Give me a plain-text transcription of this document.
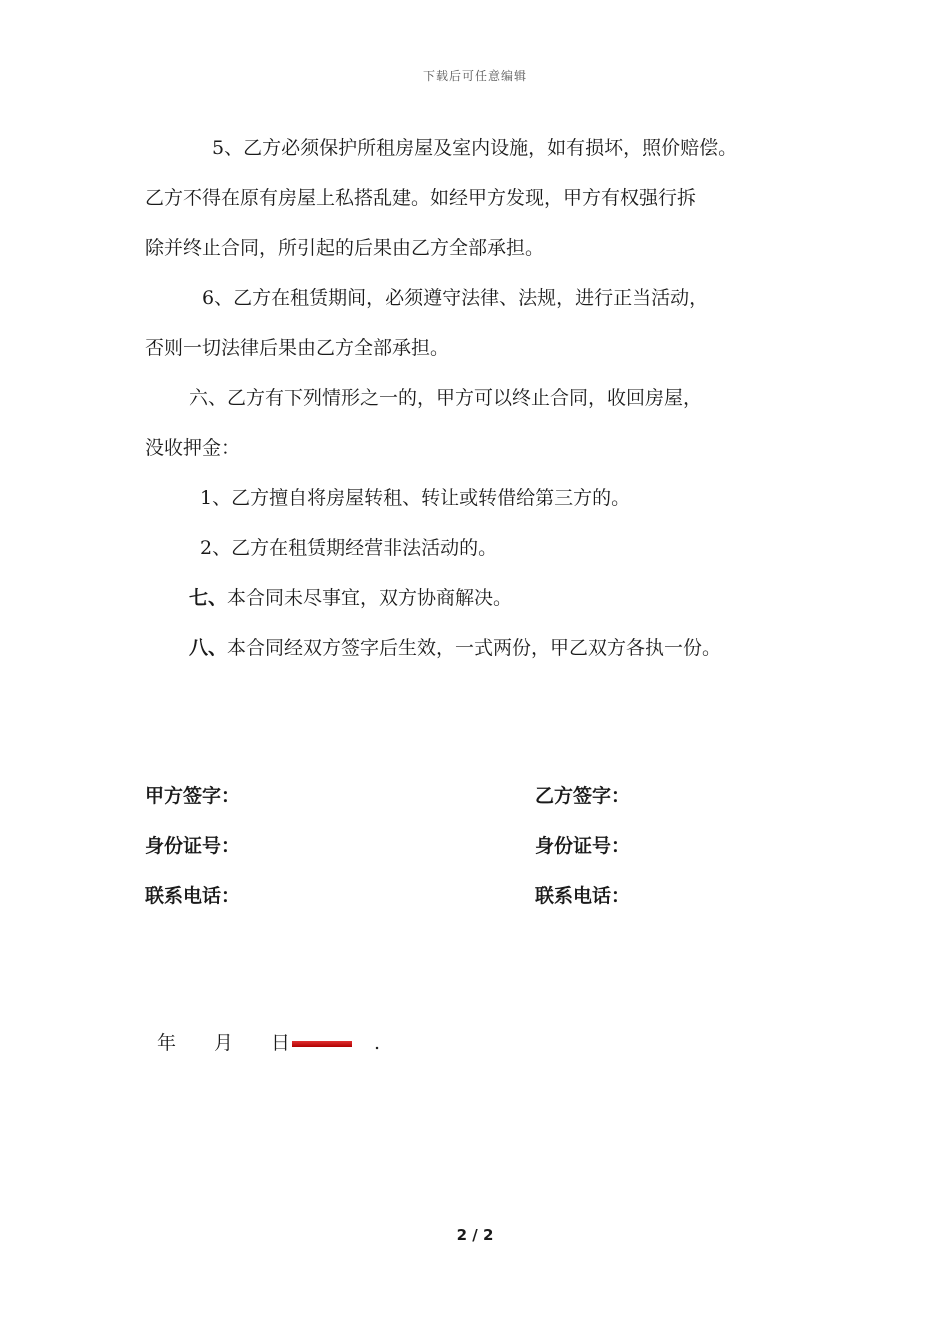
下载后可任意编辑

5、乙方必须保护所租房屋及室内设施，如有损坏，照价赔偿。

乙方不得在原有房屋上私搭乱建。如经甲方发现，甲方有权强行拆

除并终止合同，所引起的后果由乙方全部承担。

6、乙方在租赁期间，必须遵守法律、法规，进行正当活动，

否则一切法律后果由乙方全部承担。

六、乙方有下列情形之一的，甲方可以终止合同，收回房屋，

没收押金：

1、乙方擅自将房屋转租、转让或转借给第三方的。

2、乙方在租赁期经营非法活动的。

七、本合同未尽事宜，双方协商解决。

八、本合同经双方签字后生效，一式两份，甲乙双方各执一份。

甲方签字：
身份证号：
联系电话：
乙方签字：
身份证号：
联系电话：
年 月 日	.
2 / 2
